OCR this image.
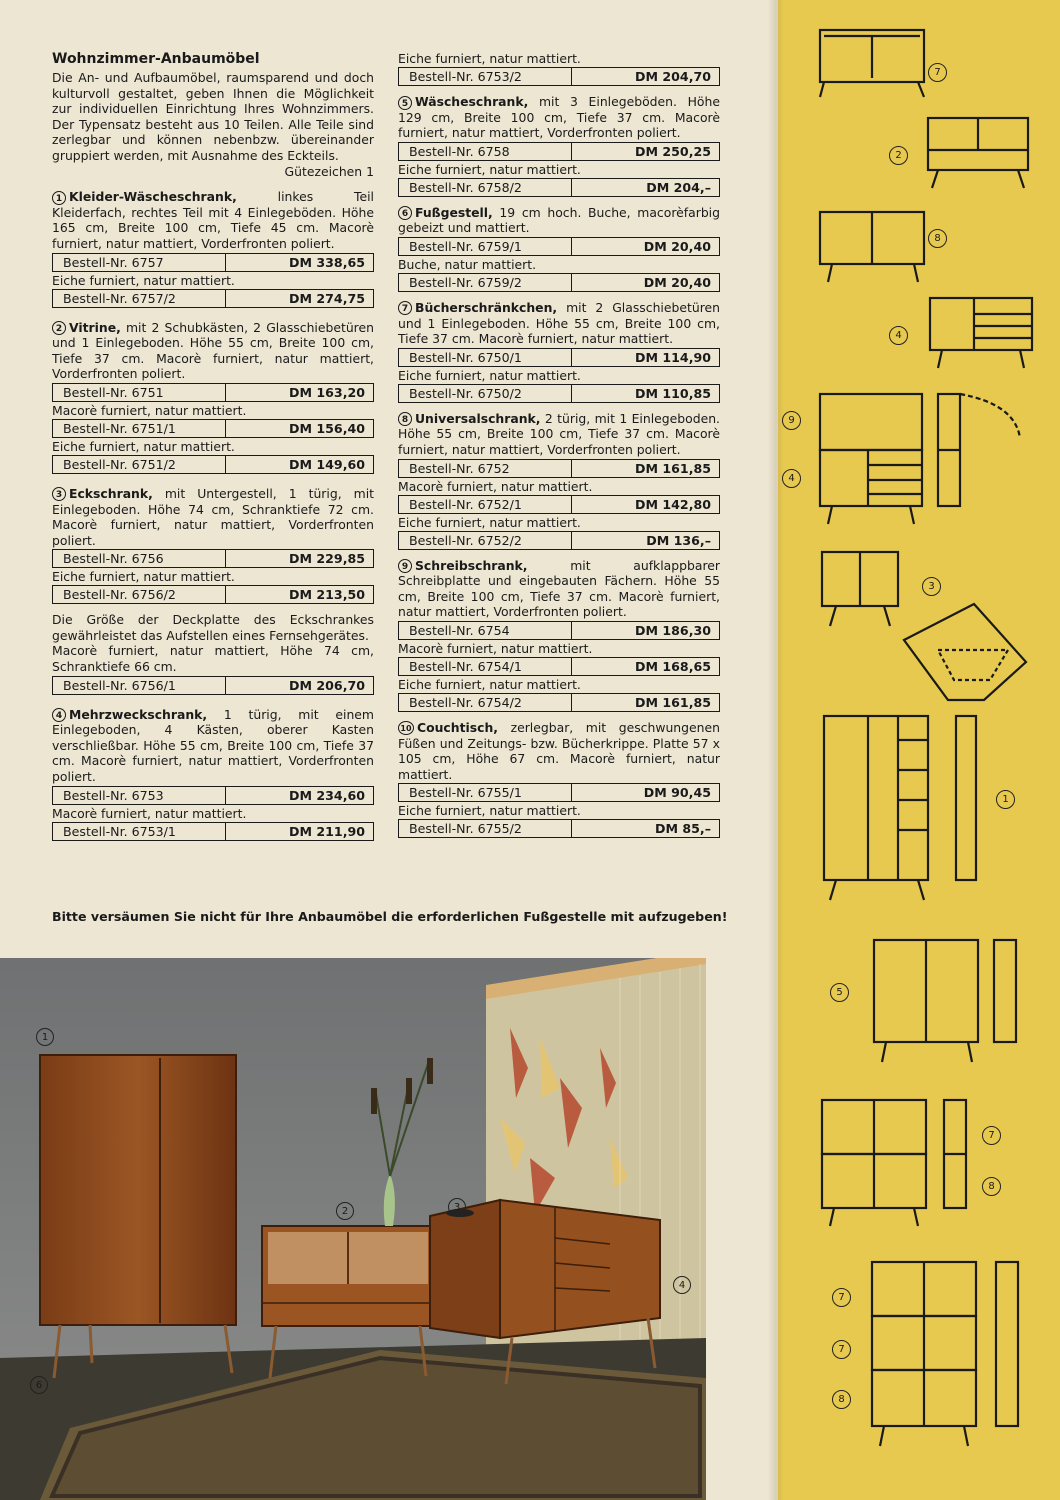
Wohnzimmer-Anbaumöbel

Die An- und Aufbaumöbel, raumsparend und doch kulturvoll gestaltet, geben Ihnen die Möglichkeit zur individuellen Einrichtung Ihres Wohnzimmers. Der Typensatz besteht aus 10 Teilen. Alle Teile sind zerlegbar und können nebenbzw. übereinander gruppiert werden, mit Ausnahme des Eckteils.
Gütezeichen 1

1 Kleider-Wäscheschrank,	linkes Teil Kleiderfach, rechtes Teil mit 4 Einlegeböden. Höhe 165 cm, Breite 100 cm, Tiefe 45 cm. Macorè furniert, natur mattiert, Vorderfronten poliert.

Bestell-Nr. 6757	DM 338,65
Eiche furniert, natur mattiert.
Bestell-Nr. 6757/2	DM 274,75

2 Vitrine, mit 2 Schubkästen, 2 Glasschiebetüren und 1 Einlegeboden. Höhe 55 cm, Breite 100 cm, Tiefe 37 cm. Macorè furniert, natur mattiert, Vorderfronten poliert.

Bestell-Nr. 6751	DM 163,20
Macorè furniert, natur mattiert.
Bestell-Nr. 6751/1	DM 156,40
Eiche furniert, natur mattiert.
Bestell-Nr. 6751/2	DM 149,60

3 Eckschrank, mit Untergestell, 1 türig, mit Einlegeboden. Höhe 74 cm, Schranktiefe 72 cm. Macorè furniert, natur mattiert, Vorderfronten poliert.

Bestell-Nr. 6756	DM 229,85
Eiche furniert, natur mattiert.
Bestell-Nr. 6756/2	DM 213,50

Die Größe der Deckplatte des Eckschrankes gewährleistet das Aufstellen eines Fernsehgerätes.

Macorè furniert, natur mattiert, Höhe 74 cm, Schranktiefe 66 cm.

Bestell-Nr. 6756/1	DM 206,70

4 Mehrzweckschrank, 1 türig, mit einem Einlegeboden, 4 Kästen, oberer Kasten verschließbar. Höhe 55 cm, Breite 100 cm, Tiefe 37 cm. Macorè furniert, natur mattiert, Vorderfronten poliert.

Bestell-Nr. 6753	DM 234,60
Macorè furniert, natur mattiert.
Bestell-Nr. 6753/1	DM 211,90
Eiche furniert, natur mattiert.
Bestell-Nr. 6753/2	DM 204,70

5 Wäscheschrank, mit 3 Einlegeböden. Höhe 129 cm, Breite 100 cm, Tiefe 37 cm. Macorè furniert, natur mattiert, Vorderfronten poliert.

Bestell-Nr. 6758	DM 250,25
Eiche furniert, natur mattiert.
Bestell-Nr. 6758/2	DM 204,–

6 Fußgestell, 19 cm hoch. Buche, macorèfarbig gebeizt und mattiert.

Bestell-Nr. 6759/1	DM 20,40
Buche, natur mattiert.
Bestell-Nr. 6759/2	DM 20,40

7 Bücherschränkchen, mit 2 Glasschiebetüren und 1 Einlegeboden. Höhe 55 cm, Breite 100 cm, Tiefe 37 cm. Macorè furniert, natur mattiert.

Bestell-Nr. 6750/1	DM 114,90
Eiche furniert, natur mattiert.
Bestell-Nr. 6750/2	DM 110,85

8 Universalschrank, 2 türig, mit 1 Einlegeboden. Höhe 55 cm, Breite 100 cm, Tiefe 37 cm. Macorè furniert, natur mattiert, Vorderfronten poliert.

Bestell-Nr. 6752	DM 161,85
Macorè furniert, natur mattiert.
Bestell-Nr. 6752/1	DM 142,80
Eiche furniert, natur mattiert.
Bestell-Nr. 6752/2	DM 136,–

9 Schreibschrank,	mit aufklappbarer Schreibplatte und eingebauten Fächern. Höhe 55 cm, Breite 100 cm, Tiefe 37 cm. Macorè furniert, natur mattiert, Vorderfronten poliert.

Bestell-Nr. 6754	DM 186,30
Macorè furniert, natur mattiert.
Bestell-Nr. 6754/1	DM 168,65
Eiche furniert, natur mattiert.
Bestell-Nr. 6754/2	DM 161,85

10 Couchtisch, zerlegbar, mit geschwungenen Füßen und Zeitungs- bzw. Bücherkrippe. Platte 57 x 105 cm, Höhe 67 cm. Macorè furniert, natur mattiert.

Bestell-Nr. 6755/1	DM 90,45
Eiche furniert, natur mattiert.
Bestell-Nr. 6755/2	DM 85,–
Bitte versäumen Sie nicht für Ihre Anbaumöbel die erforderlichen Fußgestelle mit aufzugeben!
1
2	3
4
6
7
2
8
4
9
4
3
1
5
7
8
7
7
8
